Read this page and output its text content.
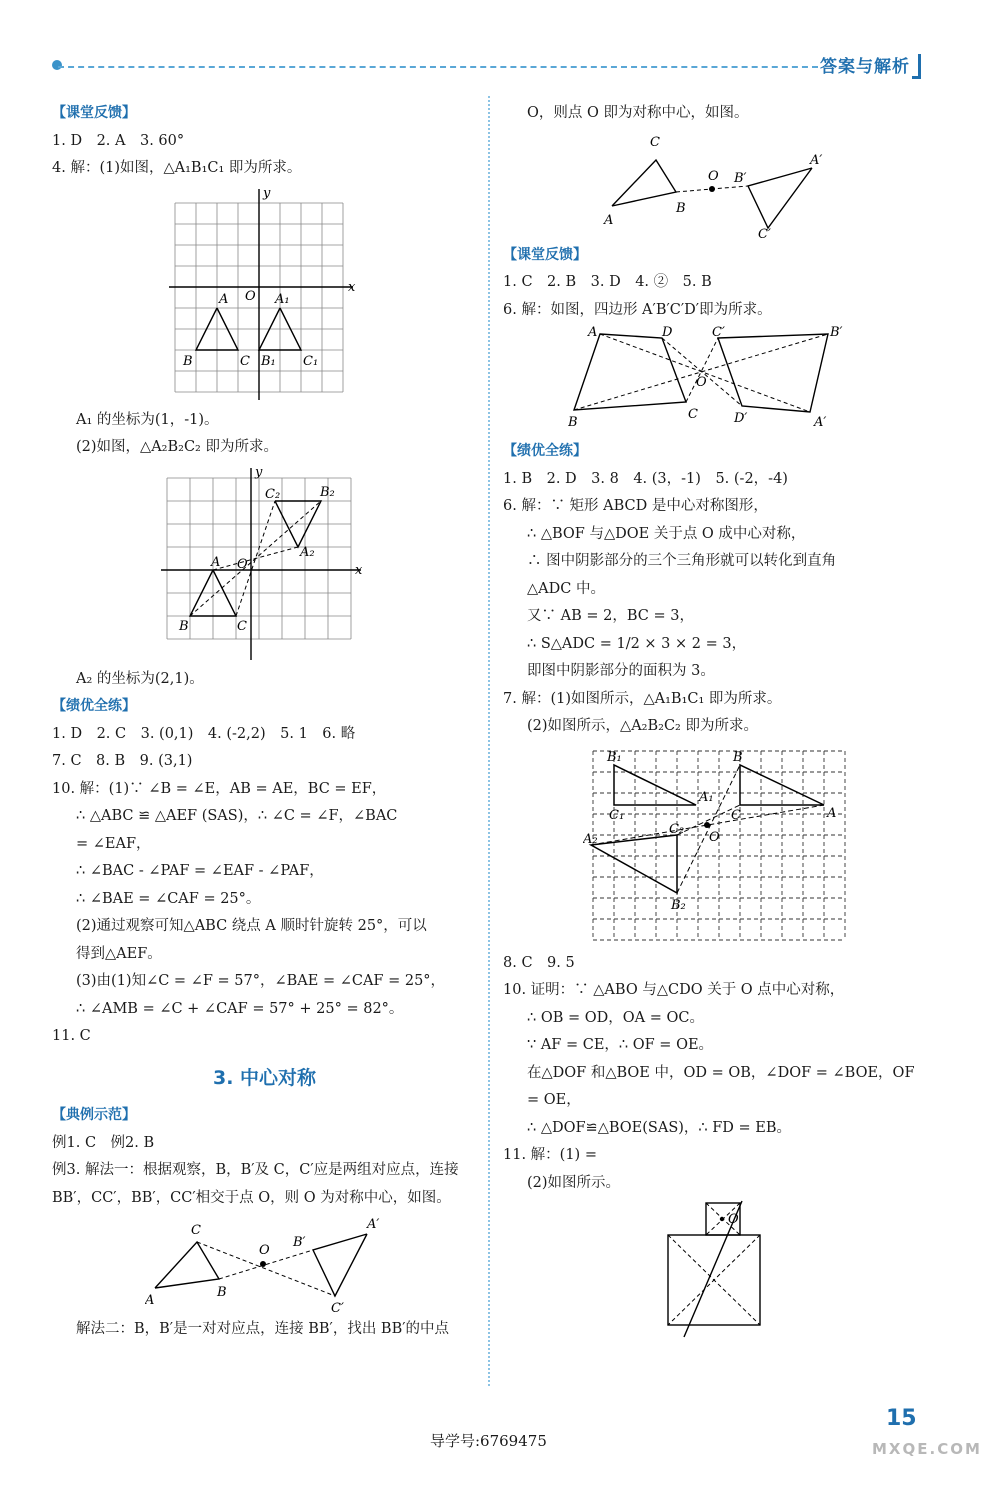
答案与解析
【 课堂反馈 】
1. D　2. A　3. 60°
4. 解：(1)如图，△A₁B₁C₁ 即为所求。
y
x
A O A₁
B	C B₁ C₁
A₁ 的坐标为(1，-1)。
(2)如图，△A₂B₂C₂ 即为所求。
y
x
C₂	B₂
A₂
A O
B	C
A₂ 的坐标为(2,1)。
【 绩优全练 】
1. D　2. C　3. (0,1)　4. (-2,2)　5. 1　6. 略
7. C　8. B　9. (3,1)
10. 解：(1)∵ ∠B = ∠E，AB = AE，BC = EF，
∴ △ABC ≌ △AEF (SAS)，∴ ∠C = ∠F，∠BAC
= ∠EAF，
∴ ∠BAC - ∠PAF = ∠EAF - ∠PAF，
∴ ∠BAE = ∠CAF = 25°。
(2)通过观察可知△ABC 绕点 A 顺时针旋转 25°，可以
得到△AEF。
(3)由(1)知∠C = ∠F = 57°，∠BAE = ∠CAF = 25°，
∴ ∠AMB = ∠C + ∠CAF = 57° + 25° = 82°。
11. C
3. 中心对称
【 典例示范 】
例1. C　例2. B
例3. 解法一：根据观察，B，B′及 C，C′应是两组对应点，连接
BB′，CC′，BB′，CC′相交于点 O，则 O 为对称中心，如图。
C
A
B
O
B′
A′
C′
解法二：B，B′是一对对应点，连接 BB′，找出 BB′的中点
O，则点 O 即为对称中心，如图。
C
A
B
O B′
A′
C′
【 课堂反馈 】
1. C　2. B　3. D　4. ②　5. B
6. 解：如图，四边形 A′B′C′D′即为所求。
A	D	C′	B′
O
B
C	D′	A′
【 绩优全练 】
1. B　2. D　3. 8　4. (3，-1)　5. (-2，-4)
6. 解：∵ 矩形 ABCD 是中心对称图形，
∴ △BOF 与△DOE 关于点 O 成中心对称，
∴ 图中阴影部分的三个三角形就可以转化到直角
△ADC 中。
又∵ AB = 2，BC = 3，
∴ S△ADC = 1/2 × 3 × 2 = 3，
即图中阴影部分的面积为 3。
7. 解：(1)如图所示，△A₁B₁C₁ 即为所求。
(2)如图所示，△A₂B₂C₂ 即为所求。
B₁
C₁
A₁
B
C	A
A₂
C₂
O
B₂
8. C　9. 5
10. 证明：∵ △ABO 与△CDO 关于 O 点中心对称，
∴ OB = OD，OA = OC。
∵ AF = CE，∴ OF = OE。
在△DOF 和△BOE 中，OD = OB，∠DOF = ∠BOE，OF
= OE，
∴ △DOF≌△BOE(SAS)，∴ FD = EB。
11. 解：(1) =
(2)如图所示。
O
导学号:6769475
15
MXQE.COM
